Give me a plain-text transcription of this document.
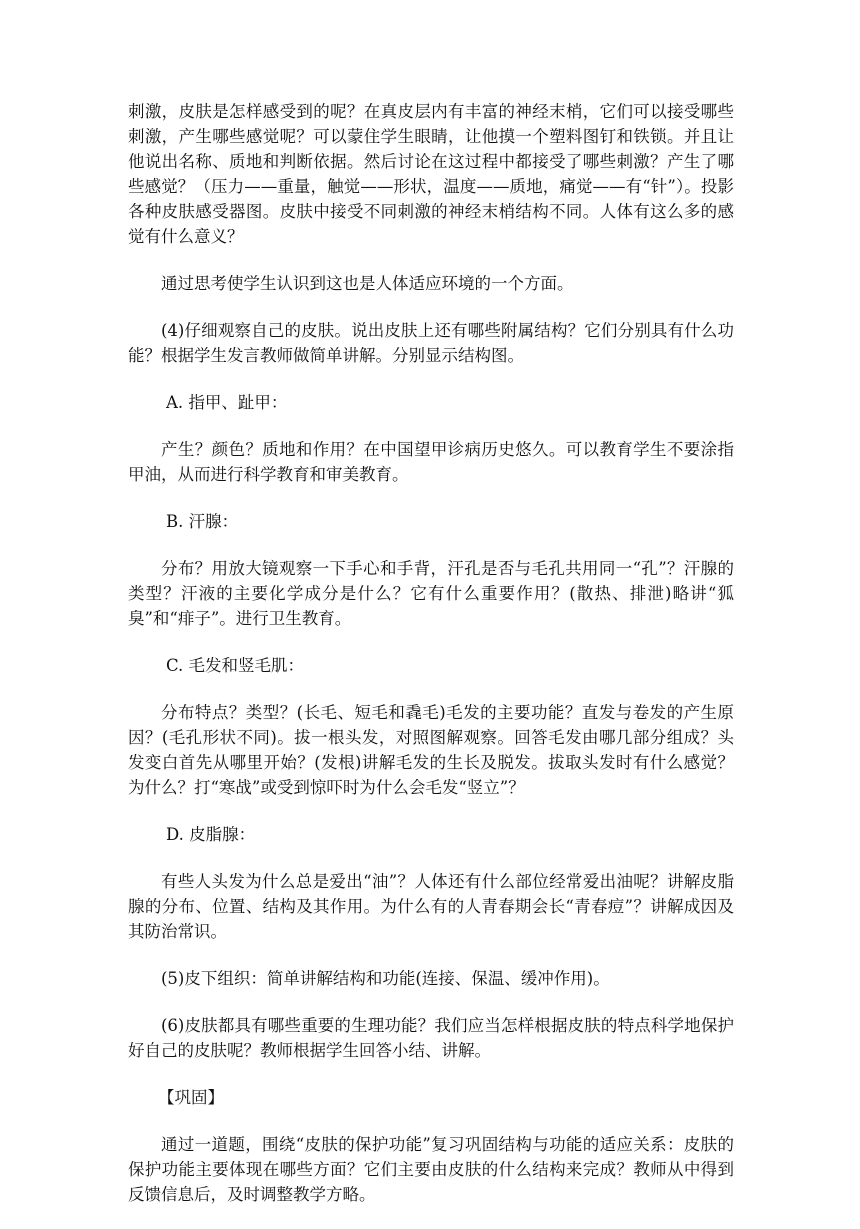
刺激，皮肤是怎样感受到的呢？在真皮层内有丰富的神经末梢，它们可以接受哪些刺激，产生哪些感觉呢？可以蒙住学生眼睛，让他摸一个塑料图钉和铁锁。并且让他说出名称、质地和判断依据。然后讨论在这过程中都接受了哪些刺激？产生了哪些感觉？（压力——重量，触觉——形状，温度——质地，痛觉——有“针”）。投影各种皮肤感受器图。皮肤中接受不同刺激的神经末梢结构不同。人体有这么多的感觉有什么意义？

通过思考使学生认识到这也是人体适应环境的一个方面。

(4)仔细观察自己的皮肤。说出皮肤上还有哪些附属结构？它们分别具有什么功能？根据学生发言教师做简单讲解。分别显示结构图。

A. 指甲、趾甲：

产生？颜色？质地和作用？在中国望甲诊病历史悠久。可以教育学生不要涂指甲油，从而进行科学教育和审美教育。

B. 汗腺：

分布？用放大镜观察一下手心和手背，汗孔是否与毛孔共用同一“孔”？汗腺的类型？汗液的主要化学成分是什么？它有什么重要作用？(散热、排泄)略讲“狐臭”和“痱子”。进行卫生教育。

C. 毛发和竖毛肌：

分布特点？类型？(长毛、短毛和毳毛)毛发的主要功能？直发与卷发的产生原因？(毛孔形状不同)。拔一根头发，对照图解观察。回答毛发由哪几部分组成？头发变白首先从哪里开始？(发根)讲解毛发的生长及脱发。拔取头发时有什么感觉？为什么？打“寒战”或受到惊吓时为什么会毛发“竖立”？

D. 皮脂腺：

有些人头发为什么总是爱出“油”？人体还有什么部位经常爱出油呢？讲解皮脂腺的分布、位置、结构及其作用。为什么有的人青春期会长“青春痘”？讲解成因及其防治常识。

(5)皮下组织：简单讲解结构和功能(连接、保温、缓冲作用)。

(6)皮肤都具有哪些重要的生理功能？我们应当怎样根据皮肤的特点科学地保护好自己的皮肤呢？教师根据学生回答小结、讲解。

【巩固】

通过一道题，围绕“皮肤的保护功能”复习巩固结构与功能的适应关系：皮肤的保护功能主要体现在哪些方面？它们主要由皮肤的什么结构来完成？教师从中得到反馈信息后，及时调整教学方略。
